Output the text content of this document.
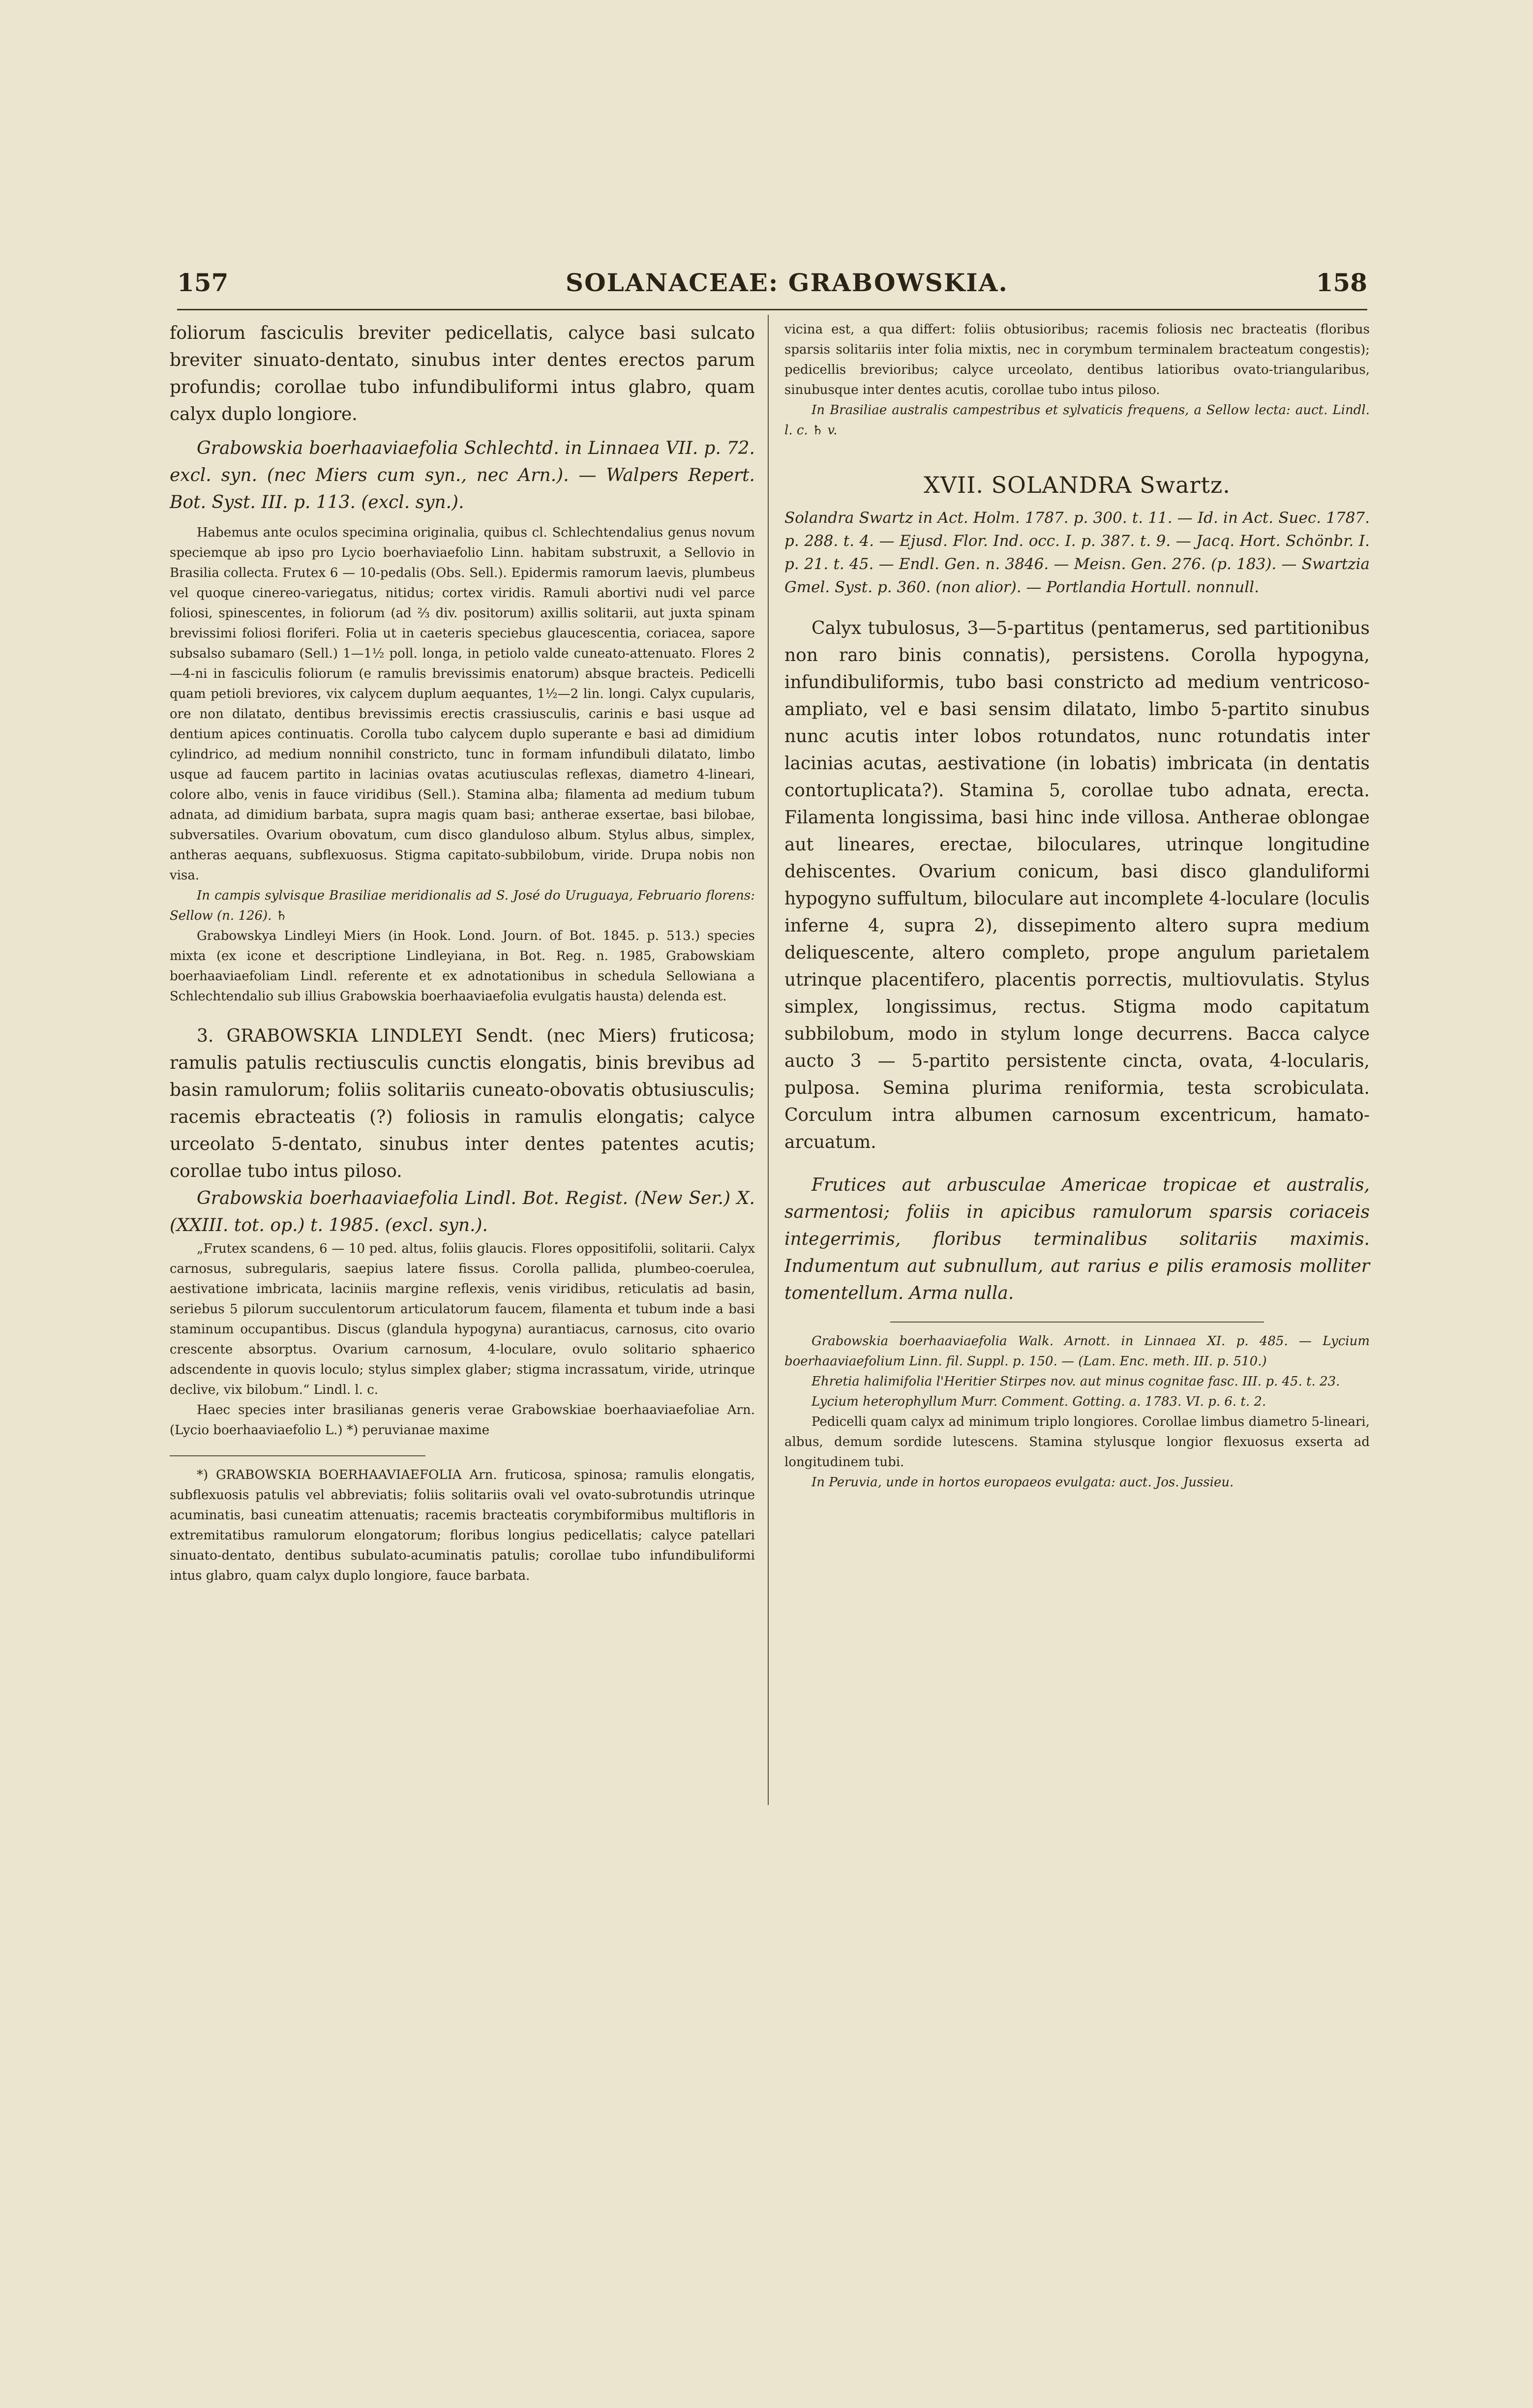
157	SOLANACEAE: GRABOWSKIA.	158

foliorum fasciculis breviter pedicellatis, calyce basi sulcato breviter sinuato-dentato, sinubus inter dentes erectos parum profundis; corollae tubo infundibuliformi intus glabro, quam calyx duplo longiore.

Grabowskia boerhaaviaefolia Schlechtd. in Linnaea VII. p. 72. excl. syn. (nec Miers cum syn., nec Arn.). — Walpers Repert. Bot. Syst. III. p. 113. (excl. syn.).

Habemus ante oculos specimina originalia, quibus cl. Schlechtendalius genus novum speciemque ab ipso pro Lycio boerhaviaefolio Linn. habitam substruxit, a Sellovio in Brasilia collecta. Frutex 6 — 10-pedalis (Obs. Sell.). Epidermis ramorum laevis, plumbeus vel quoque cinereo-variegatus, nitidus; cortex viridis. Ramuli abortivi nudi vel parce foliosi, spinescentes, in foliorum (ad ⅔ div. positorum) axillis solitarii, aut juxta spinam brevissimi foliosi floriferi. Folia ut in caeteris speciebus glaucescentia, coriacea, sapore subsalso subamaro (Sell.) 1—1½ poll. longa, in petiolo valde cuneato-attenuato. Flores 2—4-ni in fasciculis foliorum (e ramulis brevissimis enatorum) absque bracteis. Pedicelli quam petioli breviores, vix calycem duplum aequantes, 1½—2 lin. longi. Calyx cupularis, ore non dilatato, dentibus brevissimis erectis crassiusculis, carinis e basi usque ad dentium apices continuatis. Corolla tubo calycem duplo superante e basi ad dimidium cylindrico, ad medium nonnihil constricto, tunc in formam infundibuli dilatato, limbo usque ad faucem partito in lacinias ovatas acutiusculas reflexas, diametro 4-lineari, colore albo, venis in fauce viridibus (Sell.). Stamina alba; filamenta ad medium tubum adnata, ad dimidium barbata, supra magis quam basi; antherae exsertae, basi bilobae, subversatiles. Ovarium obovatum, cum disco glanduloso album. Stylus albus, simplex, antheras aequans, subflexuosus. Stigma capitato-subbilobum, viride. Drupa nobis non visa.

In campis sylvisque Brasiliae meridionalis ad S. José do Uruguaya, Februario florens: Sellow (n. 126). ♄

Grabowskya Lindleyi Miers (in Hook. Lond. Journ. of Bot. 1845. p. 513.) species mixta (ex icone et descriptione Lindleyiana, in Bot. Reg. n. 1985, Grabowskiam boerhaaviaefoliam Lindl. referente et ex adnotationibus in schedula Sellowiana a Schlechtendalio sub illius Grabowskia boerhaaviaefolia evulgatis hausta) delenda est.

3. GRABOWSKIA LINDLEYI Sendt. (nec Miers) fruticosa; ramulis patulis rectiusculis cunctis elongatis, binis brevibus ad basin ramulorum; foliis solitariis cuneato-obovatis obtusiusculis; racemis ebracteatis (?) foliosis in ramulis elongatis; calyce urceolato 5-dentato, sinubus inter dentes patentes acutis; corollae tubo intus piloso.

Grabowskia boerhaaviaefolia Lindl. Bot. Regist. (New Ser.) X. (XXIII. tot. op.) t. 1985. (excl. syn.).

„Frutex scandens, 6 — 10 ped. altus, foliis glaucis. Flores oppositifolii, solitarii. Calyx carnosus, subregularis, saepius latere fissus. Corolla pallida, plumbeo-coerulea, aestivatione imbricata, laciniis margine reflexis, venis viridibus, reticulatis ad basin, seriebus 5 pilorum succulentorum articulatorum faucem, filamenta et tubum inde a basi staminum occupantibus. Discus (glandula hypogyna) aurantiacus, carnosus, cito ovario crescente absorptus. Ovarium carnosum, 4-loculare, ovulo solitario sphaerico adscendente in quovis loculo; stylus simplex glaber; stigma incrassatum, viride, utrinque declive, vix bilobum.“ Lindl. l. c.

Haec species inter brasilianas generis verae Grabowskiae boerhaaviaefoliae Arn. (Lycio boerhaaviaefolio L.) *) peruvianae maxime

*) GRABOWSKIA BOERHAAVIAEFOLIA Arn. fruticosa, spinosa; ramulis elongatis, subflexuosis patulis vel abbreviatis; foliis solitariis ovali vel ovato-subrotundis utrinque acuminatis, basi cuneatim attenuatis; racemis bracteatis corymbiformibus multifloris in extremitatibus ramulorum elongatorum; floribus longius pedicellatis; calyce patellari sinuato-dentato, dentibus subulato-acuminatis patulis; corollae tubo infundibuliformi intus glabro, quam calyx duplo longiore, fauce barbata.

vicina est, a qua differt: foliis obtusioribus; racemis foliosis nec bracteatis (floribus sparsis solitariis inter folia mixtis, nec in corymbum terminalem bracteatum congestis); pedicellis brevioribus; calyce urceolato, dentibus latioribus ovato-triangularibus, sinubusque inter dentes acutis, corollae tubo intus piloso.

In Brasiliae australis campestribus et sylvaticis frequens, a Sellow lecta: auct. Lindl. l. c. ♄ v.

XVII. SOLANDRA Swartz.

Solandra Swartz in Act. Holm. 1787. p. 300. t. 11. — Id. in Act. Suec. 1787. p. 288. t. 4. — Ejusd. Flor. Ind. occ. I. p. 387. t. 9. — Jacq. Hort. Schönbr. I. p. 21. t. 45. — Endl. Gen. n. 3846. — Meisn. Gen. 276. (p. 183). — Swartzia Gmel. Syst. p. 360. (non alior). — Portlandia Hortull. nonnull.

Calyx tubulosus, 3—5-partitus (pentamerus, sed partitionibus non raro binis connatis), persistens. Corolla hypogyna, infundibuliformis, tubo basi constricto ad medium ventricoso-ampliato, vel e basi sensim dilatato, limbo 5-partito sinubus nunc acutis inter lobos rotundatos, nunc rotundatis inter lacinias acutas, aestivatione (in lobatis) imbricata (in dentatis contortuplicata?). Stamina 5, corollae tubo adnata, erecta. Filamenta longissima, basi hinc inde villosa. Antherae oblongae aut lineares, erectae, biloculares, utrinque longitudine dehiscentes. Ovarium conicum, basi disco glanduliformi hypogyno suffultum, biloculare aut incomplete 4-loculare (loculis inferne 4, supra 2), dissepimento altero supra medium deliquescente, altero completo, prope angulum parietalem utrinque placentifero, placentis porrectis, multiovulatis. Stylus simplex, longissimus, rectus. Stigma modo capitatum subbilobum, modo in stylum longe decurrens. Bacca calyce aucto 3 — 5-partito persistente cincta, ovata, 4-locularis, pulposa. Semina plurima reniformia, testa scrobiculata. Corculum intra albumen carnosum excentricum, hamato-arcuatum.

Frutices aut arbusculae Americae tropicae et australis, sarmentosi; foliis in apicibus ramulorum sparsis coriaceis integerrimis, floribus terminalibus solitariis maximis. Indumentum aut subnullum, aut rarius e pilis eramosis molliter tomentellum. Arma nulla.

Grabowskia boerhaaviaefolia Walk. Arnott. in Linnaea XI. p. 485. — Lycium boerhaaviaefolium Linn. fil. Suppl. p. 150. — (Lam. Enc. meth. III. p. 510.)

Ehretia halimifolia l'Heritier Stirpes nov. aut minus cognitae fasc. III. p. 45. t. 23.

Lycium heterophyllum Murr. Comment. Gotting. a. 1783. VI. p. 6. t. 2.

Pedicelli quam calyx ad minimum triplo longiores. Corollae limbus diametro 5-lineari, albus, demum sordide lutescens. Stamina stylusque longior flexuosus exserta ad longitudinem tubi.

In Peruvia, unde in hortos europaeos evulgata: auct. Jos. Jussieu.
